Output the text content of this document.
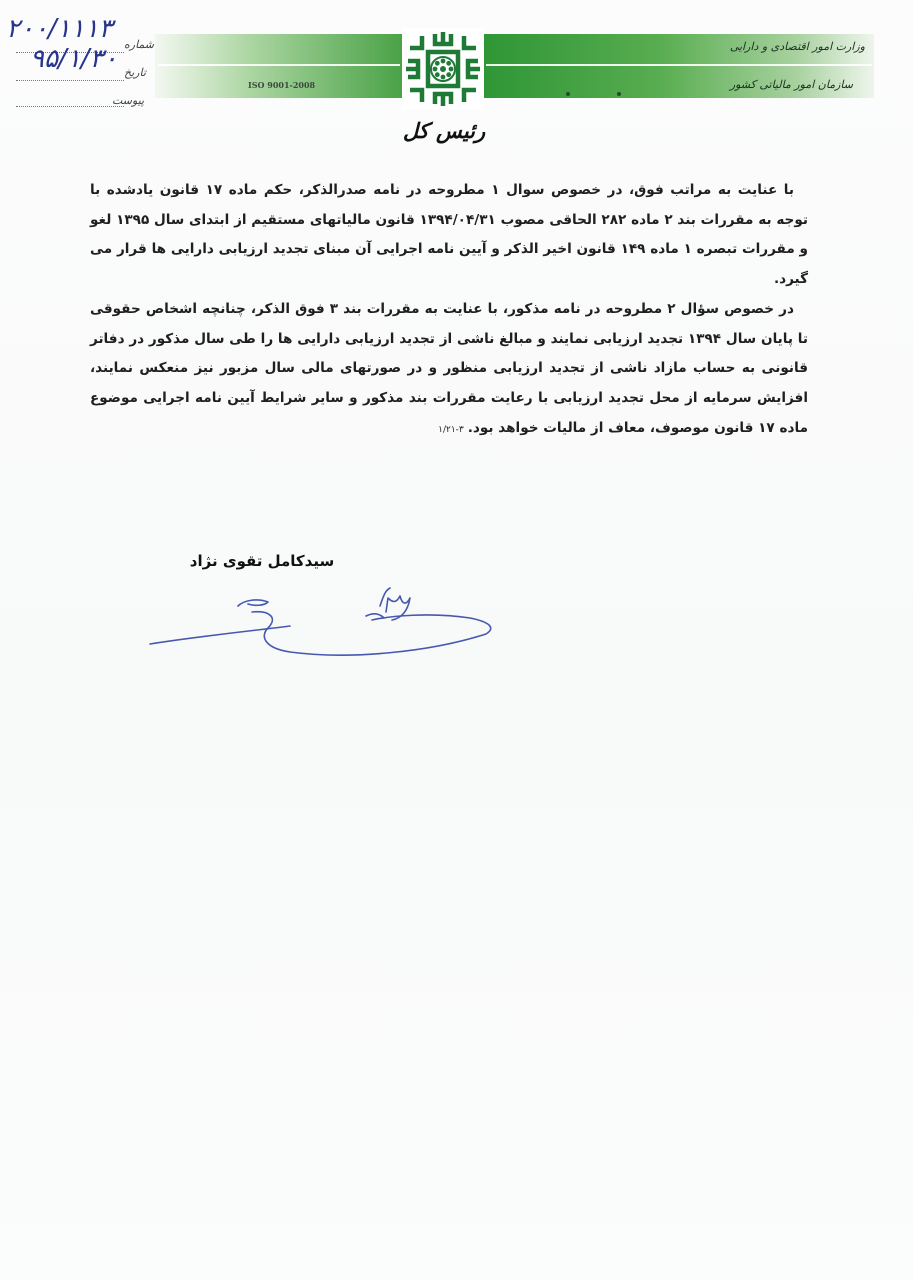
ISO 9001-2008
وزارت امور اقتصادی و دارایی
سازمان امور مالیاتی کشور
شماره
۲۰۰/۱۱۱۳
تاریخ
۹۵/۱/۳۰
پیوست
رئیس کل

با عنایت به مراتب فوق، در خصوص سوال ۱ مطروحه در نامه صدرالذکر، حکم ماده ۱۷ قانون یادشده با توجه به مقررات بند ۲ ماده ۲۸۲ الحاقی مصوب ۱۳۹۴/۰۴/۳۱ قانون مالیاتهای مستقیم از ابتدای سال ۱۳۹۵ لغو و مقررات تبصره ۱ ماده ۱۴۹ قانون اخیر الذکر و آیین نامه اجرایی آن مبنای تجدید ارزیابی دارایی ها قرار می گیرد.

در خصوص سؤال ۲ مطروحه در نامه مذکور، با عنایت به مقررات بند ۳ فوق الذکر، چنانچه اشخاص حقوقی تا پایان سال ۱۳۹۴ تجدید ارزیابی نمایند و مبالغ ناشی از تجدید ارزیابی دارایی ها را طی سال مذکور در دفاتر قانونی به حساب مازاد ناشی از تجدید ارزیابی منظور و در صورتهای مالی سال مزبور نیز منعکس نمایند، افزایش سرمایه از محل تجدید ارزیابی با رعایت مقررات بند مذکور و سایر شرایط آیین نامه اجرایی موضوع ماده ۱۷ قانون موصوف، معاف از مالیات خواهد بود.۳-۱/۲۱

سیدکامل تقوی نژاد
